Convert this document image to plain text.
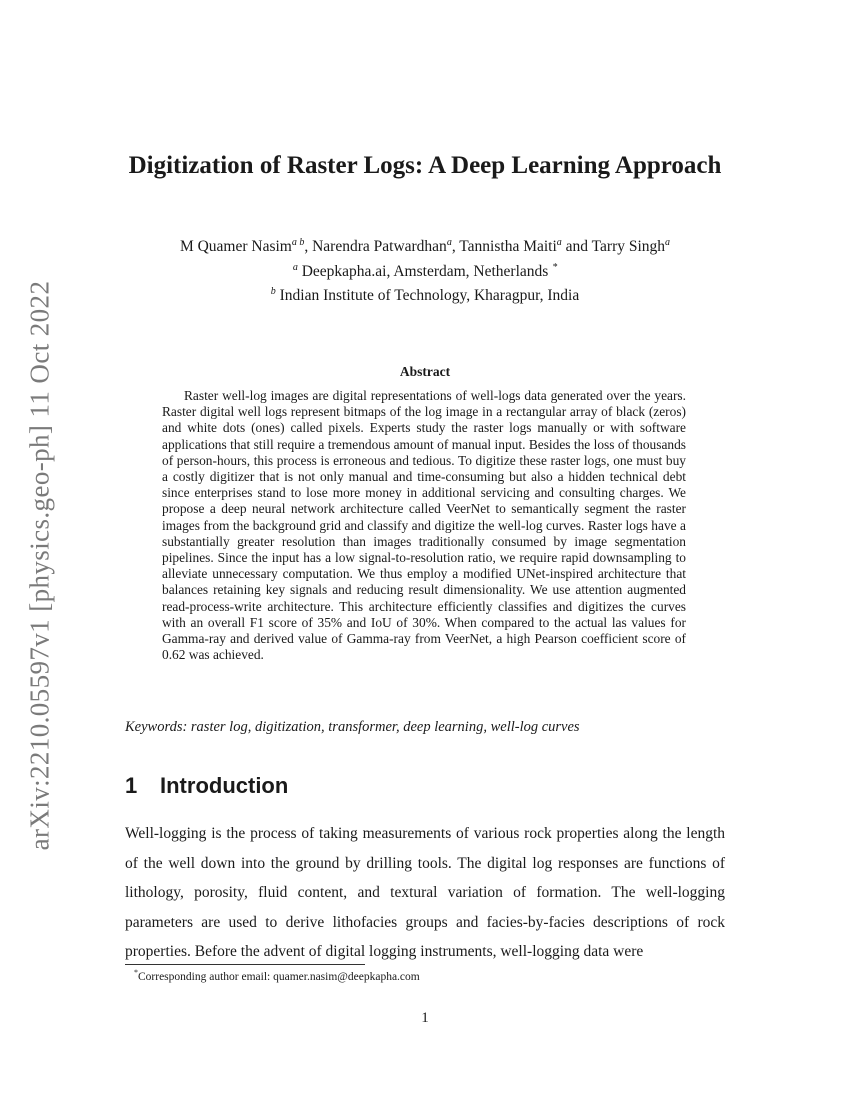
arXiv:2210.05597v1 [physics.geo-ph] 11 Oct 2022
Digitization of Raster Logs: A Deep Learning Approach
M Quamer Nasim$^{a b}$, Narendra Patwardhan$^a$, Tannistha Maiti$^a$ and Tarry Singh$^a$
$^a$ Deepkapha.ai, Amsterdam, Netherlands *
$^b$ Indian Institute of Technology, Kharagpur, India
Abstract

Raster well-log images are digital representations of well-logs data generated over the years. Raster digital well logs represent bitmaps of the log image in a rectangular array of black (zeros) and white dots (ones) called pixels. Experts study the raster logs manually or with software applications that still require a tremendous amount of manual input. Besides the loss of thousands of person-hours, this process is erroneous and tedious. To digitize these raster logs, one must buy a costly digitizer that is not only manual and time-consuming but also a hidden technical debt since enterprises stand to lose more money in additional servicing and consulting charges. We propose a deep neural network architecture called VeerNet to semantically segment the raster images from the background grid and classify and digitize the well-log curves. Raster logs have a substantially greater resolution than images traditionally consumed by image segmentation pipelines. Since the input has a low signal-to-resolution ratio, we require rapid downsampling to alleviate unnecessary computation. We thus employ a modified UNet-inspired architecture that balances retaining key signals and reducing result dimensionality. We use attention augmented read-process-write architecture. This architecture efficiently classifies and digitizes the curves with an overall F1 score of 35% and IoU of 30%. When compared to the actual las values for Gamma-ray and derived value of Gamma-ray from VeerNet, a high Pearson coefficient score of 0.62 was achieved.

Keywords: raster log, digitization, transformer, deep learning, well-log curves

1 Introduction

Well-logging is the process of taking measurements of various rock properties along the length of the well down into the ground by drilling tools. The digital log responses are functions of lithology, porosity, fluid content, and textural variation of formation. The well-logging parameters are used to derive lithofacies groups and facies-by-facies descriptions of rock properties. Before the advent of digital logging instruments, well-logging data were

*Corresponding author email: quamer.nasim@deepkapha.com
1
